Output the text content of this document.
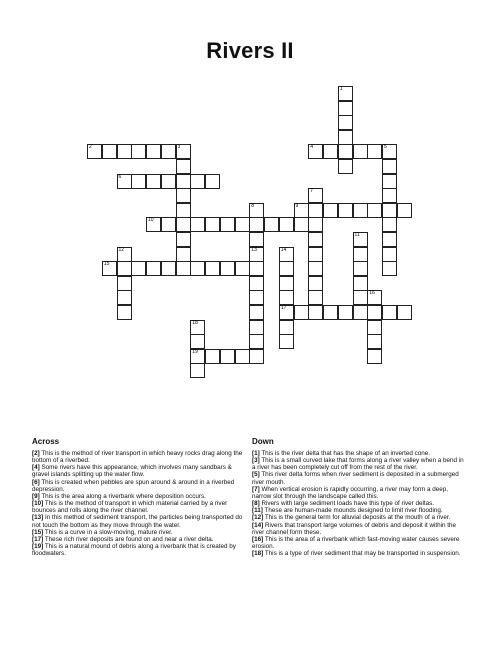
Rivers II
1
2	3	4	5
6
7
8	9
10
11
12	13	14
17
15
16
18
19
Across
[2] This is the method of river transport in which heavy rocks drag along the bottom of a riverbed.
[4] Some rivers have this appearance, which involves many sandbars & gravel islands splitting up the water flow.
[6] This is created when pebbles are spun around & around in a riverbed depression.
[9] This is the area along a riverbank where deposition occurs.
[10] This is the method of transport in which material carried by a river bounces and rolls along the river channel.
[13] In this method of sediment transport, the particles being transported do not touch the bottom as they move through the water.
[15] This is a curve in a slow-moving, mature river.
[17] These rich river deposits are found on and near a river delta.
[19] This is a natural mound of debris along a riverbank that is created by floodwaters.
Down
[1] This is the river delta that has the shape of an inverted cone.
[3] This is a small curved lake that forms along a river valley when a bend in a river has been completely cut off from the rest of the river.
[5] This river delta forms when river sediment is deposited in a submerged river mouth.
[7] When vertical erosion is rapidly occurring, a river may form a deep, narrow slot through the landscape called this.
[8] Rivers with large sediment loads have this type of river deltas.
[11] These are human-made mounds designed to limit river flooding.
[12] This is the general term for alluvial deposits at the mouth of a river.
[14] Rivers that transport large volumes of debris and deposit it within the river channel form these.
[16] This is the area of a riverbank which fast-moving water causes severe erosion.
[18] This is a type of river sediment that may be transported in suspension.
